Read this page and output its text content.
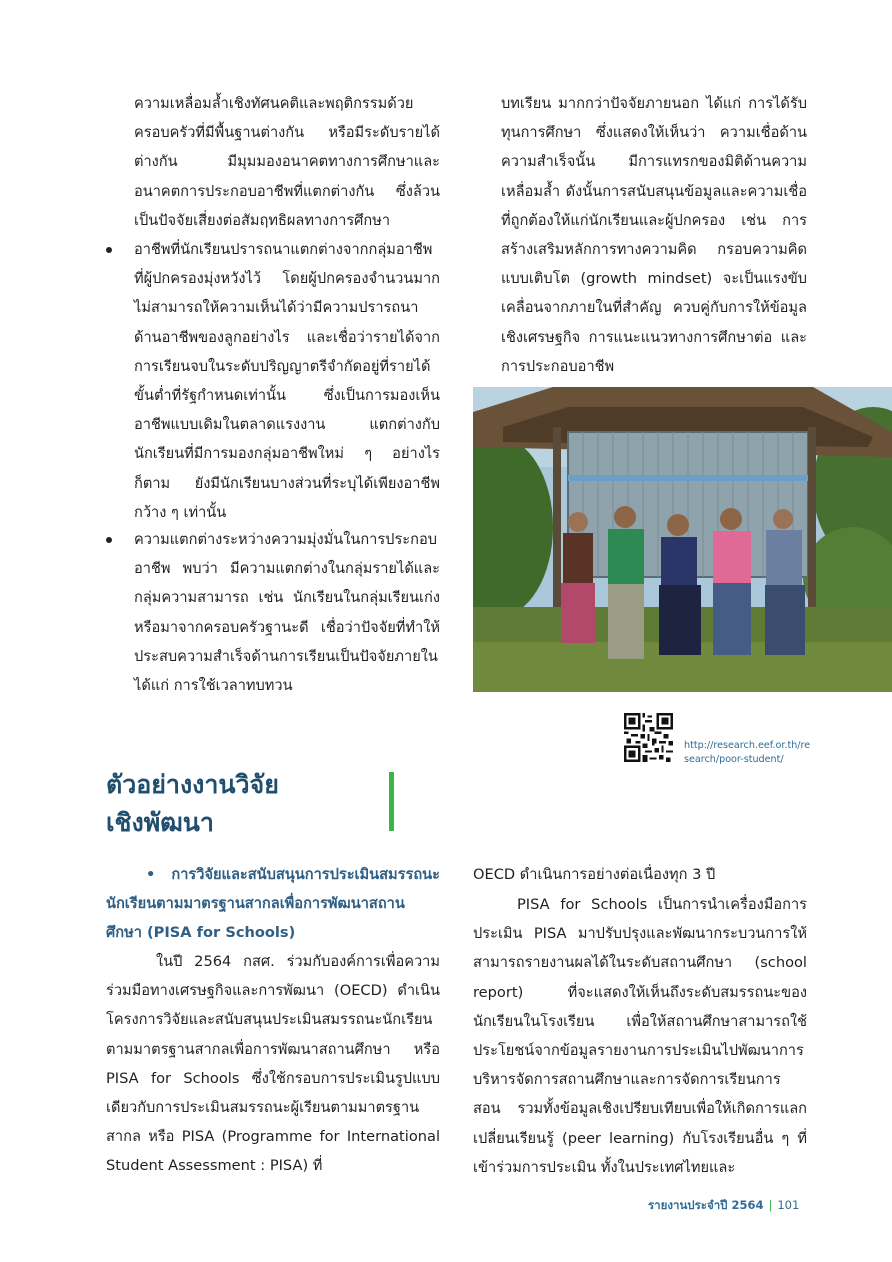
ความเหลื่อมล้ำเชิงทัศนคติและพฤติกรรมด้วยครอบครัวที่มีพื้นฐานต่างกัน หรือมีระดับรายได้ต่างกัน มีมุมมองอนาคตทางการศึกษาและอนาคตการประกอบอาชีพที่แตกต่างกัน ซึ่งล้วนเป็นปัจจัยเสี่ยงต่อสัมฤทธิผลทางการศึกษา

อาชีพที่นักเรียนปรารถนาแตกต่างจากกลุ่มอาชีพที่ผู้ปกครองมุ่งหวังไว้ โดยผู้ปกครองจำนวนมากไม่สามารถให้ความเห็นได้ว่ามีความปรารถนาด้านอาชีพของลูกอย่างไร และเชื่อว่ารายได้จากการเรียนจบในระดับปริญญาตรีจำกัดอยู่ที่รายได้ขั้นต่ำที่รัฐกำหนดเท่านั้น ซึ่งเป็นการมองเห็นอาชีพแบบเดิมในตลาดแรงงาน แตกต่างกับนักเรียนที่มีการมองกลุ่มอาชีพใหม่ ๆ อย่างไรก็ตาม ยังมีนักเรียนบางส่วนที่ระบุได้เพียงอาชีพกว้าง ๆ เท่านั้น

ความแตกต่างระหว่างความมุ่งมั่นในการประกอบอาชีพ พบว่า มีความแตกต่างในกลุ่มรายได้และกลุ่มความสามารถ เช่น นักเรียนในกลุ่มเรียนเก่งหรือมาจากครอบครัวฐานะดี เชื่อว่าปัจจัยที่ทำให้ประสบความสำเร็จด้านการเรียนเป็นปัจจัยภายใน ได้แก่ การใช้เวลาทบทวน

บทเรียน มากกว่าปัจจัยภายนอก ได้แก่ การได้รับทุนการศึกษา ซึ่งแสดงให้เห็นว่า ความเชื่อด้านความสำเร็จนั้น มีการแทรกของมิติด้านความเหลื่อมล้ำ ดังนั้นการสนับสนุนข้อมูลและความเชื่อที่ถูกต้องให้แก่นักเรียนและผู้ปกครอง เช่น การสร้างเสริมหลักการทางความคิด กรอบความคิดแบบเติบโต (growth mindset) จะเป็นแรงขับเคลื่อนจากภายในที่สำคัญ ควบคู่กับการให้ข้อมูลเชิงเศรษฐกิจ การแนะแนวทางการศึกษาต่อ และการประกอบอาชีพ

http://research.eef.or.th/research/poor-student/

ตัวอย่างงานวิจัย
เชิงพัฒนา

• การวิจัยและสนับสนุนการประเมินสมรรถนะนักเรียนตามมาตรฐานสากลเพื่อการพัฒนาสถานศึกษา (PISA for Schools)

ในปี 2564 กสศ. ร่วมกับองค์การเพื่อความร่วมมือทางเศรษฐกิจและการพัฒนา (OECD) ดำเนินโครงการวิจัยและสนับสนุนประเมินสมรรถนะนักเรียนตามมาตรฐานสากลเพื่อการพัฒนาสถานศึกษา หรือ PISA for Schools ซึ่งใช้กรอบการประเมินรูปแบบเดียวกับการประเมินสมรรถนะผู้เรียนตามมาตรฐานสากล หรือ PISA (Programme for International Student Assessment : PISA) ที่

OECD ดำเนินการอย่างต่อเนื่องทุก 3 ปี

PISA for Schools เป็นการนำเครื่องมือการประเมิน PISA มาปรับปรุงและพัฒนากระบวนการให้สามารถรายงานผลได้ในระดับสถานศึกษา (school report) ที่จะแสดงให้เห็นถึงระดับสมรรถนะของนักเรียนในโรงเรียน เพื่อให้สถานศึกษาสามารถใช้ประโยชน์จากข้อมูลรายงานการประเมินไปพัฒนาการบริหารจัดการสถานศึกษาและการจัดการเรียนการสอน รวมทั้งข้อมูลเชิงเปรียบเทียบเพื่อให้เกิดการแลกเปลี่ยนเรียนรู้ (peer learning) กับโรงเรียนอื่น ๆ ที่เข้าร่วมการประเมิน ทั้งในประเทศไทยและ

รายงานประจำปี 2564 | 101
